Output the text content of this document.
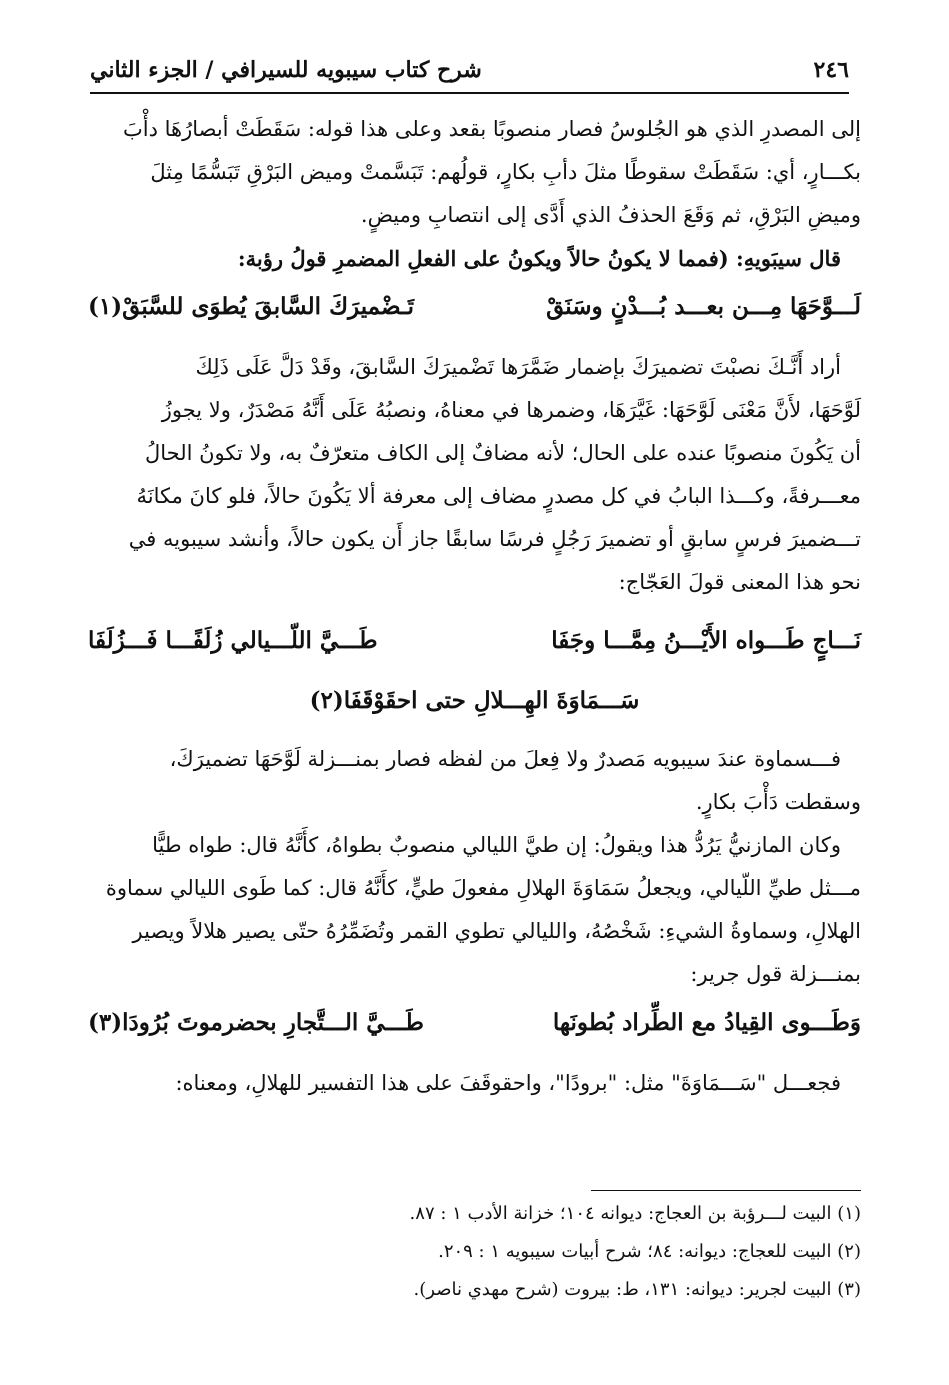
٢٤٦
شرح كتاب سيبويه للسيرافي / الجزء الثاني
إلى المصدرِ الذي هو الجُلوسُ فصار منصوبًا بقعد وعلى هذا قوله: سَقَطَتْ أبصارُهَا دأْبَ
بكـــارٍ، أي: سَقَطَتْ سقوطًا مثلَ دأبِ بكارٍ، قولُهم: تَبَسَّمتْ وميض البَرْقِ تَبَسُّمًا مِثلَ
وميضِ البَرْقِ، ثم وَقَعَ الحذفُ الذي أَدَّى إلى انتصابِ وميضٍ.
قال سيبَويهِ: (فمما لا يكونُ حالاً ويكونُ على الفعلِ المضمرِ قولُ رؤبة:
لَـــوَّحَهَا مِـــن بعـــد بُـــدْنٍ وسَنَقْ
تَـضْميرَكَ السَّابقَ يُطوَى للسَّبَقْ(١)
أراد أَنَّـكَ نصبْتَ تضميرَكَ بإضمار ضَمَّرَها تَضْميرَكَ السَّابقَ، وقَدْ دَلَّ عَلَى ذَلِكَ
لَوَّحَهَا، لأَنَّ مَعْنَى لَوَّحَهَا: غَيَّرَهَا، وضمرها في معناهُ، ونصبُهُ عَلَى أَنَّهُ مَصْدَرٌ، ولا يجوزُ
أن يَكُونَ منصوبًا عنده على الحال؛ لأنه مضافٌ إلى الكاف متعرّفٌ به، ولا تكونُ الحالُ
معـــرفةً، وكـــذا البابُ في كل مصدرٍ مضاف إلى معرفة ألا يَكُونَ حالاً، فلو كانَ مكانَهُ
تـــضميرَ فرسٍ سابقٍ أو تضميرَ رَجُلٍ فرسًا سابقًا جاز أَن يكون حالاً، وأنشد سيبويه في
نحو هذا المعنى قولَ العَجّاج:
نَـــاجٍ طَـــواه الأَيْـــنُ مِمَّـــا وجَفَا
طَـــيَّ اللّـــيالي زُلَفًـــا فَـــزُلَفَا
سَـــمَاوَةَ الهِـــلالِ حتى احقَوْقَفَا(٢)
فـــسماوة عندَ سيبويه مَصدرٌ ولا فِعلَ من لفظه فصار بمنـــزلة لَوَّحَهَا تضميرَكَ،
وسقطت دَأْبَ بكارٍ.
وكان المازنيُّ يَرُدُّ هذا ويقولُ: إن طيَّ الليالي منصوبٌ بطواهُ، كأَنَّهُ قال: طواه طيًّا
مـــثل طيِّ اللّيالي، ويجعلُ سَمَاوَةَ الهلالِ مفعولَ طيٍّ، كأَنَّهُ قال: كما طَوى الليالي سماوة
الهلالِ، وسماوةُ الشيءِ: شَخْصُهُ، والليالي تطوي القمر وتُضَمِّرُهُ حتّى يصير هلالاً ويصير
بمنـــزلة قول جرير:
وَطَـــوى القِيادُ مع الطِّراد بُطونَها
طَـــيَّ الـــتَّجارِ بحضرموتَ بُرُودَا(٣)
فجعـــل "سَـــمَاوَةَ" مثل: "برودًا"، واحقوقَفَ على هذا التفسير للهلالِ، ومعناه:
(١) البيت لـــرؤبة بن العجاج: ديوانه ١٠٤؛ خزانة الأدب ١ : ٨٧.
(٢) البيت للعجاج: ديوانه: ٨٤؛ شرح أبيات سيبويه ١ : ٢٠٩.
(٣) البيت لجرير: ديوانه: ١٣١، ط: بيروت (شرح مهدي ناصر).
